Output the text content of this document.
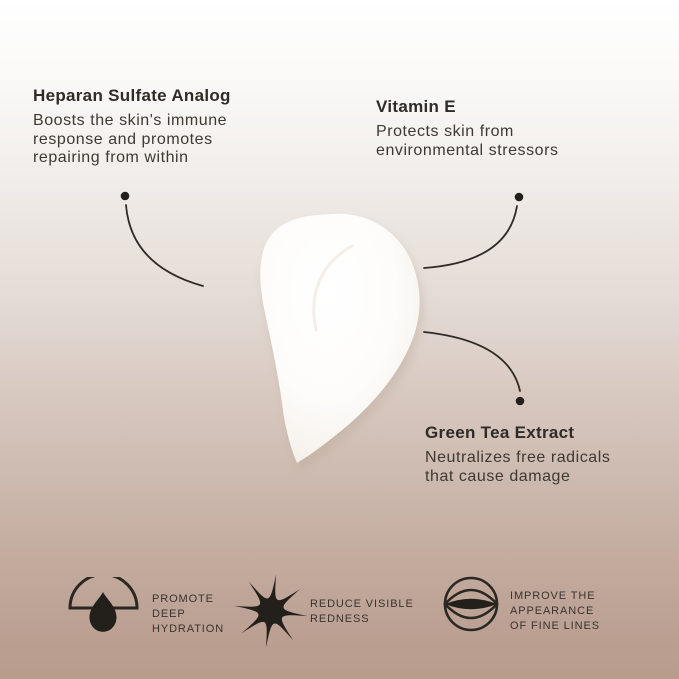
Heparan Sulfate Analog
Boosts the skin's immune
response and promotes
repairing from within
Vitamin E
Protects skin from
environmental stressors
Green Tea Extract
Neutralizes free radicals
that cause damage
PROMOTE
DEEP
HYDRATION
REDUCE VISIBLE
REDNESS
IMPROVE THE
APPEARANCE
OF FINE LINES
